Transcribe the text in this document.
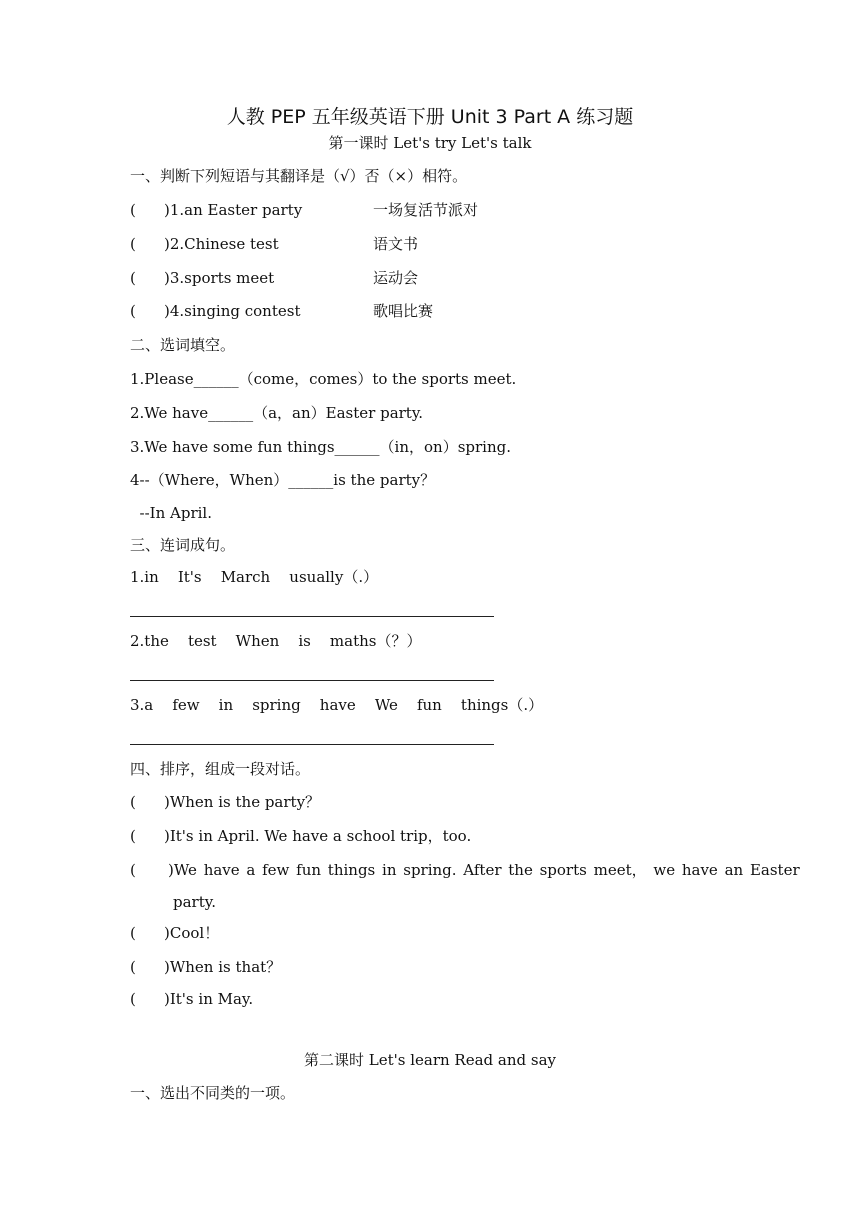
人教 PEP 五年级英语下册 Unit 3 Part A 练习题
第一课时 Let's try Let's talk
一、判断下列短语与其翻译是（√）否（×）相符。
( )1.an Easter party	一场复活节派对
( )2.Chinese test	语文书
( )3.sports meet	运动会
( )4.singing contest	歌唱比赛
二、选词填空。
1.Please______（come，comes）to the sports meet.
2.We have______（a，an）Easter party.
3.We have some fun things______（in，on）spring.
4--（Where，When）______is the party？
--In April.
三、连词成句。
1.in    It's    March    usually（.）
2.the    test    When    is    maths（？）
3.a    few    in    spring    have    We    fun    things（.）
四、排序，组成一段对话。
( )When is the party？
( )It's in April. We have a school trip，too.
( )We have a few fun things in spring. After the sports meet， we have an Easter
party.
( )Cool！
( )When is that？
( )It's in May.
第二课时 Let's learn Read and say
一、选出不同类的一项。
